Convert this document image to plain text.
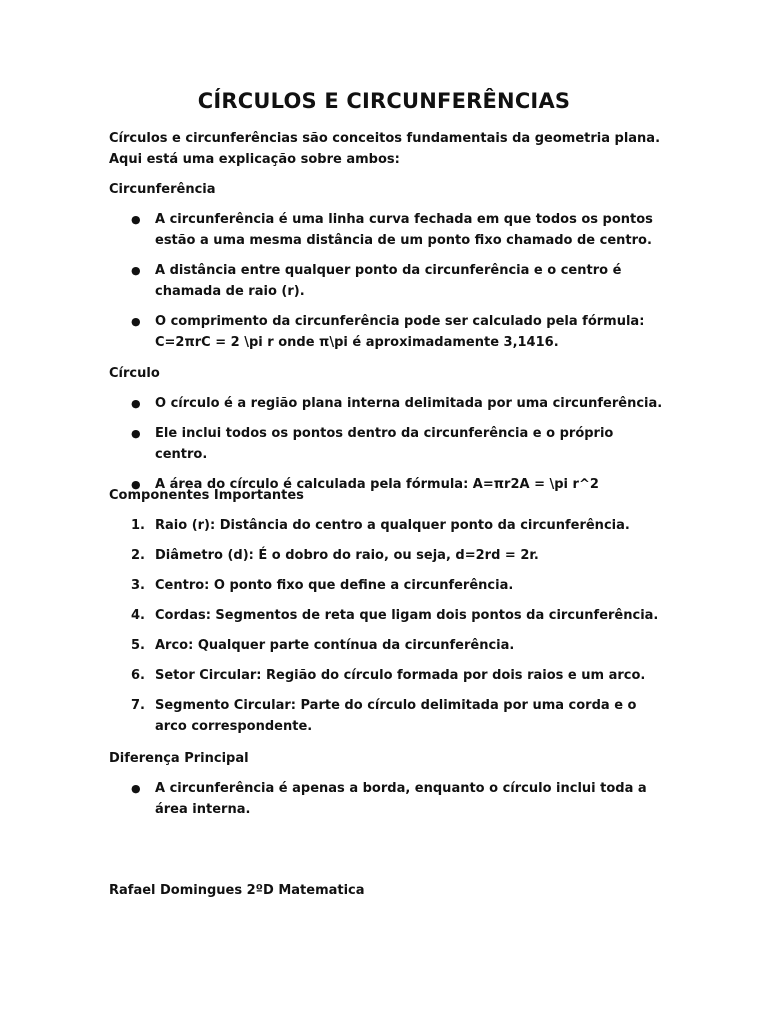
CÍRCULOS E CIRCUNFERÊNCIAS
Círculos e circunferências são conceitos fundamentais da geometria plana.
Aqui está uma explicação sobre ambos:
Circunferência
●	A circunferência é uma linha curva fechada em que todos os pontos estão a uma mesma distância de um ponto fixo chamado de centro.
●	A distância entre qualquer ponto da circunferência e o centro é chamada de raio (r).
●	O comprimento da circunferência pode ser calculado pela fórmula: C=2πrC = 2 \pi r onde π\pi é aproximadamente 3,1416.
Círculo
●	O círculo é a região plana interna delimitada por uma circunferência.
●	Ele inclui todos os pontos dentro da circunferência e o próprio centro.
●	A área do círculo é calculada pela fórmula: A=πr2A = \pi r^2
Componentes Importantes
1. Raio (r): Distância do centro a qualquer ponto da circunferência.
2. Diâmetro (d): É o dobro do raio, ou seja, d=2rd = 2r.
3. Centro: O ponto fixo que define a circunferência.
4. Cordas: Segmentos de reta que ligam dois pontos da circunferência.
5. Arco: Qualquer parte contínua da circunferência.
6. Setor Circular: Região do círculo formada por dois raios e um arco.
7. Segmento Circular: Parte do círculo delimitada por uma corda e o arco correspondente.
Diferença Principal
●	A circunferência é apenas a borda, enquanto o círculo inclui toda a área interna.
Rafael Domingues 2ºD Matematica
